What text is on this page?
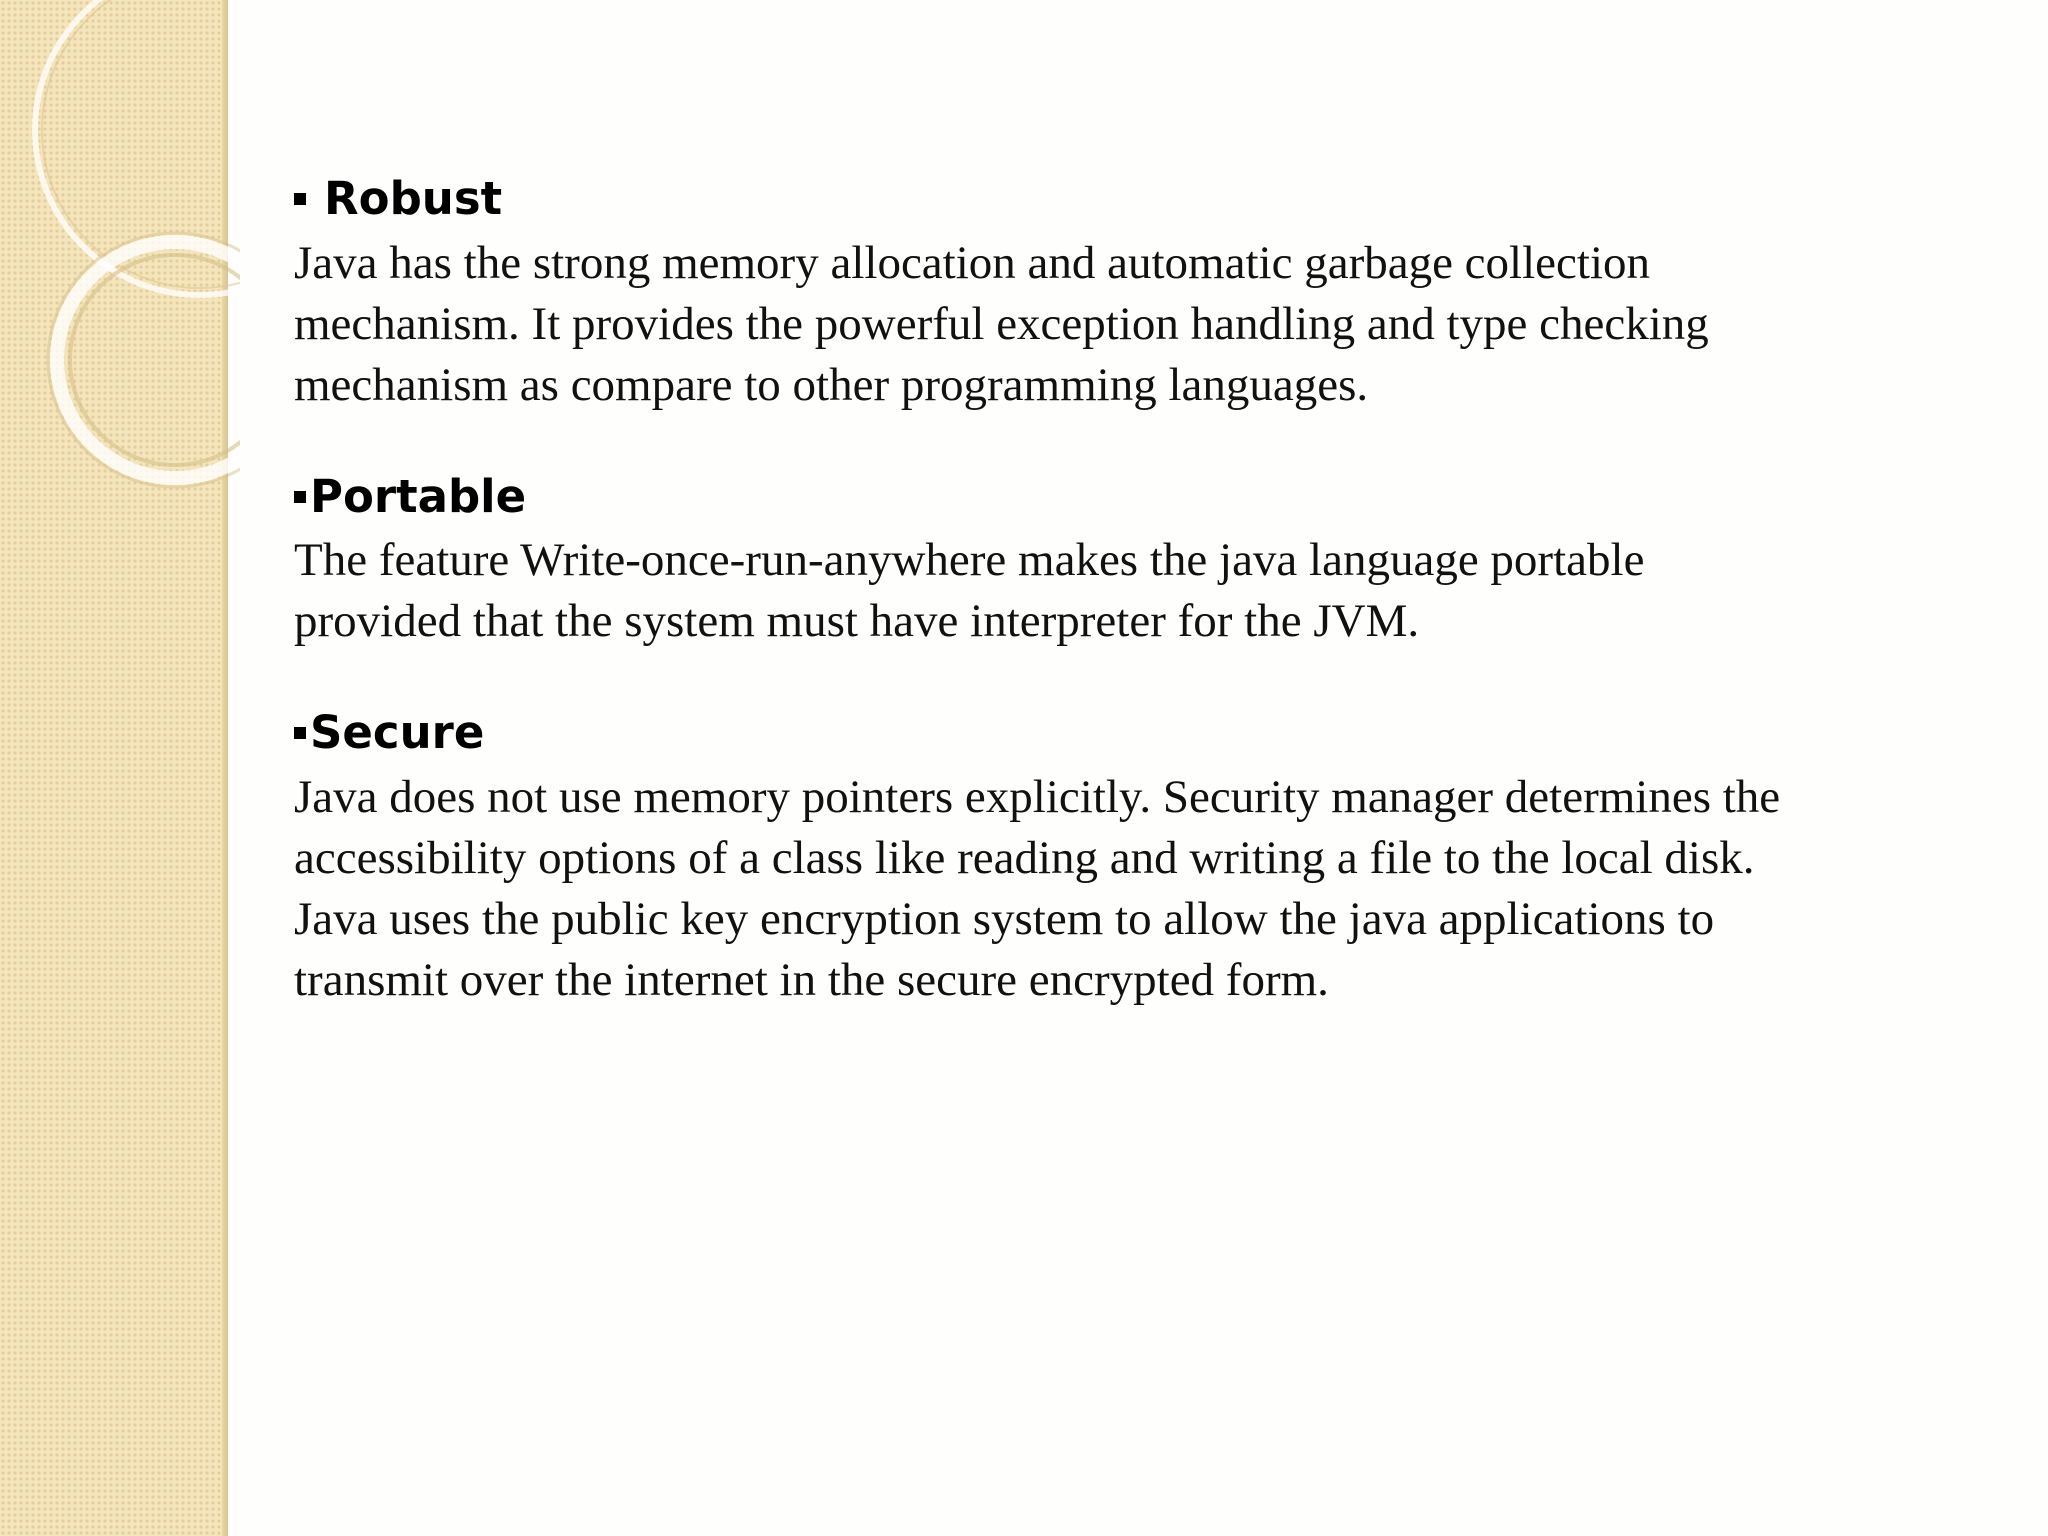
Robust

Java has the strong memory allocation and automatic garbage collection
mechanism. It provides the powerful exception handling and type checking
mechanism as compare to other programming languages.

Portable

The feature Write-once-run-anywhere makes the java language portable
provided that the system must have interpreter for the JVM.

Secure

Java does not use memory pointers explicitly. Security manager determines the
accessibility options of a class like reading and writing a file to the local disk.
Java uses the public key encryption system to allow the java applications to
transmit over the internet in the secure encrypted form.
